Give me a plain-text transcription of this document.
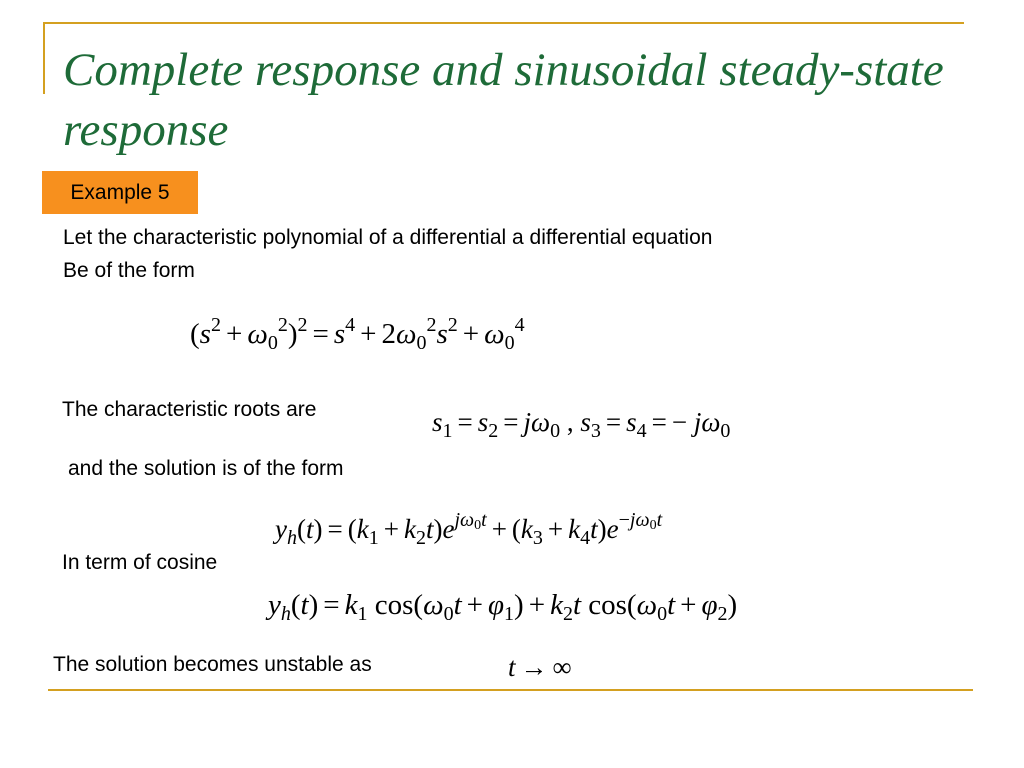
Complete response and sinusoidal steady-state response
Example 5
Let the characteristic polynomial of a differential a differential equation
Be of the form
$(s^2 + \omega_0^2)^2 = s^4 + 2\omega_0^2s^2 + \omega_0^4$
The characteristic roots are	$s_1 = s_2 = j\omega_0$ , $s_3 = s_4$ = − $j\omega_0$
and the solution is of the form
$y_h(t) = (k_1 + k_2t)e^{j\omega_0t} + (k_3 + k_4t)e^{-j\omega_0t}$
In term of cosine
$y_h(t) = k_1$ $\cos(\omega_0t + \varphi_1) + k_2t$ $\cos(\omega_0t + \varphi_2)$
The solution becomes unstable as	t → ∞
